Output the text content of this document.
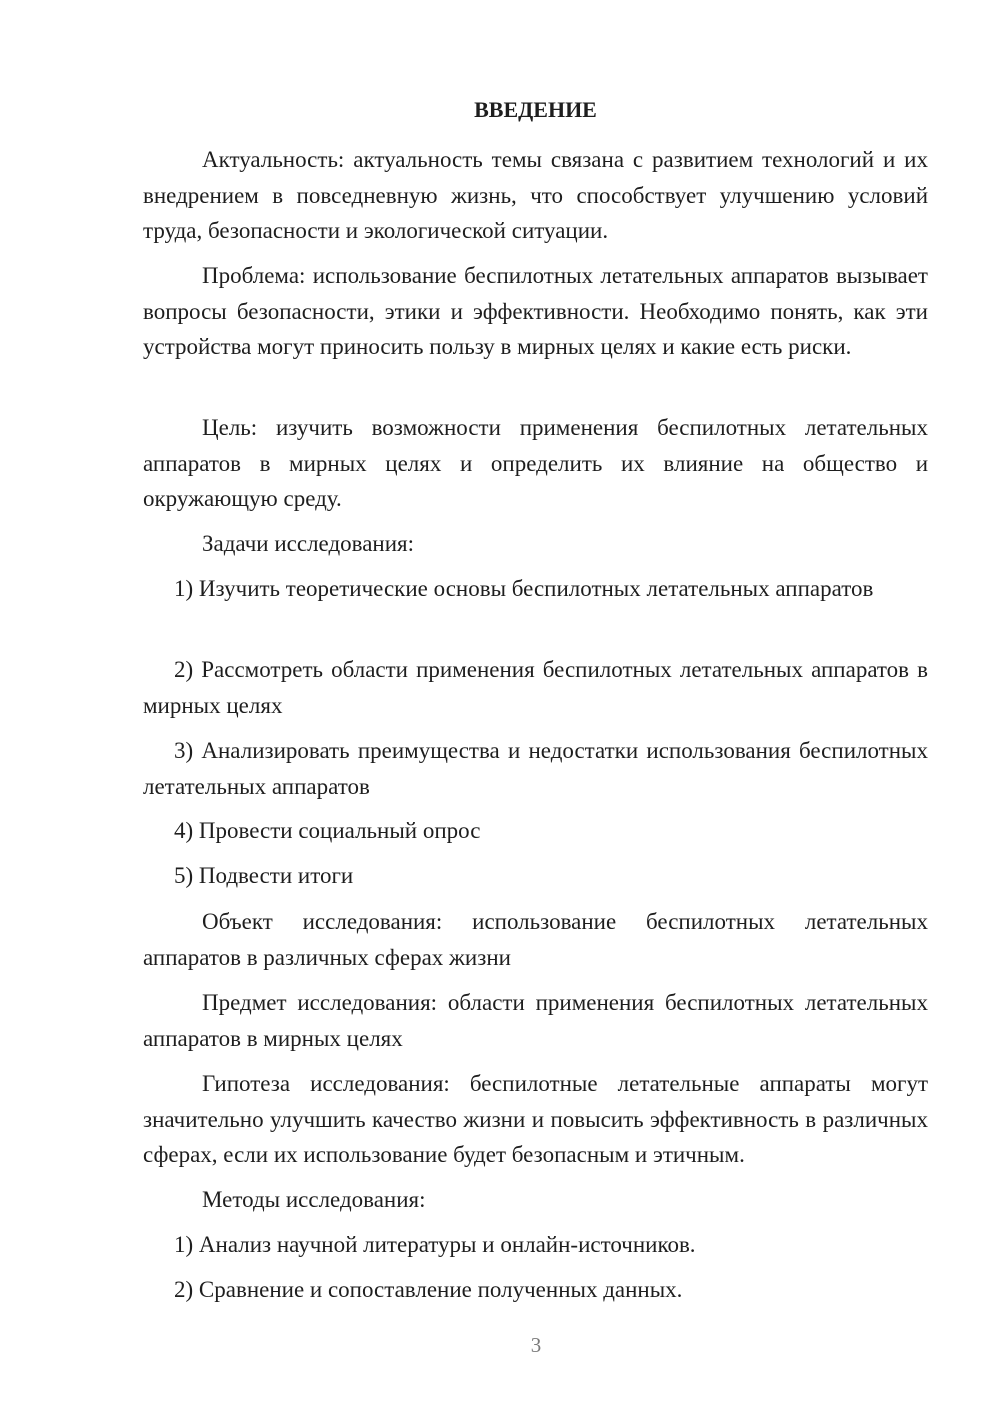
ВВЕДЕНИЕ

Актуальность: актуальность темы связана с развитием технологий и их внедрением в повседневную жизнь, что способствует улучшению условий труда, безопасности и экологической ситуации.

Проблема: использование беспилотных летательных аппаратов вызывает вопросы безопасности, этики и эффективности. Необходимо понять, как эти устройства могут приносить пользу в мирных целях и какие есть риски.

Цель: изучить возможности применения беспилотных летательных аппаратов в мирных целях и определить их влияние на общество и окружающую среду.

Задачи исследования:

1) Изучить теоретические основы беспилотных летательных аппаратов

2) Рассмотреть области применения беспилотных летательных аппаратов в мирных целях

3) Анализировать преимущества и недостатки использования беспилотных летательных аппаратов

4) Провести социальный опрос

5) Подвести итоги

Объект исследования: использование беспилотных летательных аппаратов в различных сферах жизни

Предмет исследования: области применения беспилотных летательных аппаратов в мирных целях

Гипотеза исследования: беспилотные летательные аппараты могут значительно улучшить качество жизни и повысить эффективность в различных сферах, если их использование будет безопасным и этичным.

Методы исследования:

1) Анализ научной литературы и онлайн-источников.

2) Сравнение и сопоставление полученных данных.

3
